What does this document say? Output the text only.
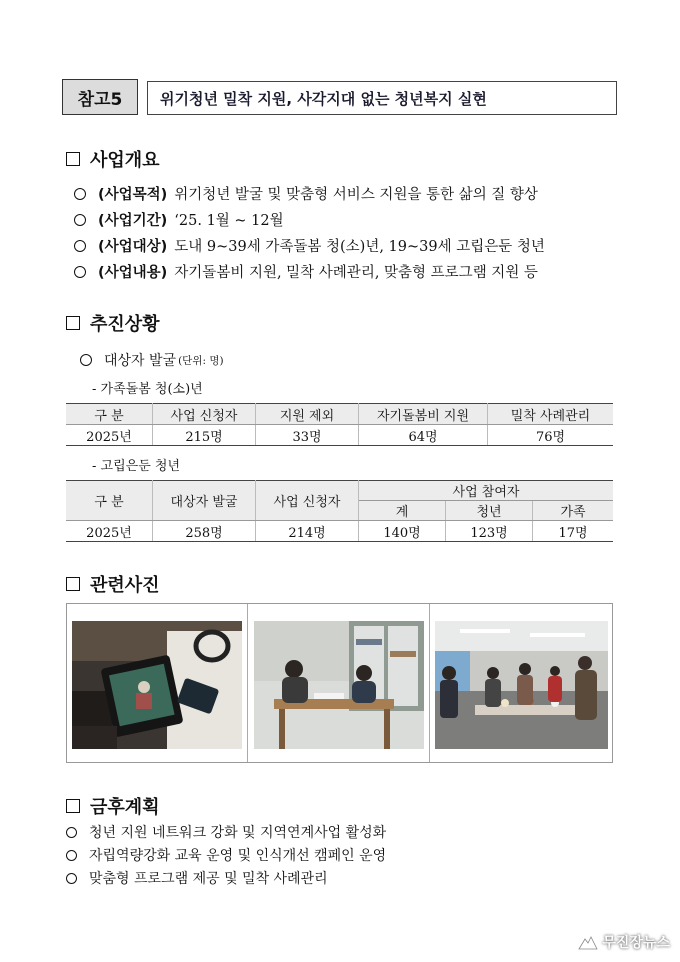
참고5	위기청년 밀착 지원, 사각지대 없는 청년복지 실현
사업개요
(사업목적) 위기청년 발굴 및 맞춤형 서비스 지원을 통한 삶의 질 향상
(사업기간) ‘25. 1월 ~ 12월
(사업대상) 도내 9~39세 가족돌봄 청(소)년, 19~39세 고립은둔 청년
(사업내용) 자기돌봄비 지원, 밀착 사례관리, 맞춤형 프로그램 지원 등
추진상황
대상자 발굴 (단위: 명)
- 가족돌봄 청(소)년
구 분	사업 신청자	지원 제외	자기돌봄비 지원	밀착 사례관리
2025년	215명	33명	64명	76명
- 고립은둔 청년
구 분	대상자 발굴	사업 신청자	사업 참여자		
			계	청년	가족
2025년	258명	214명	140명	123명	17명
관련사진
금후계획
청년 지원 네트워크 강화 및 지역연계사업 활성화
자립역량강화 교육 운영 및 인식개선 캠페인 운영
맞춤형 프로그램 제공 및 밀착 사례관리
무진장뉴스
